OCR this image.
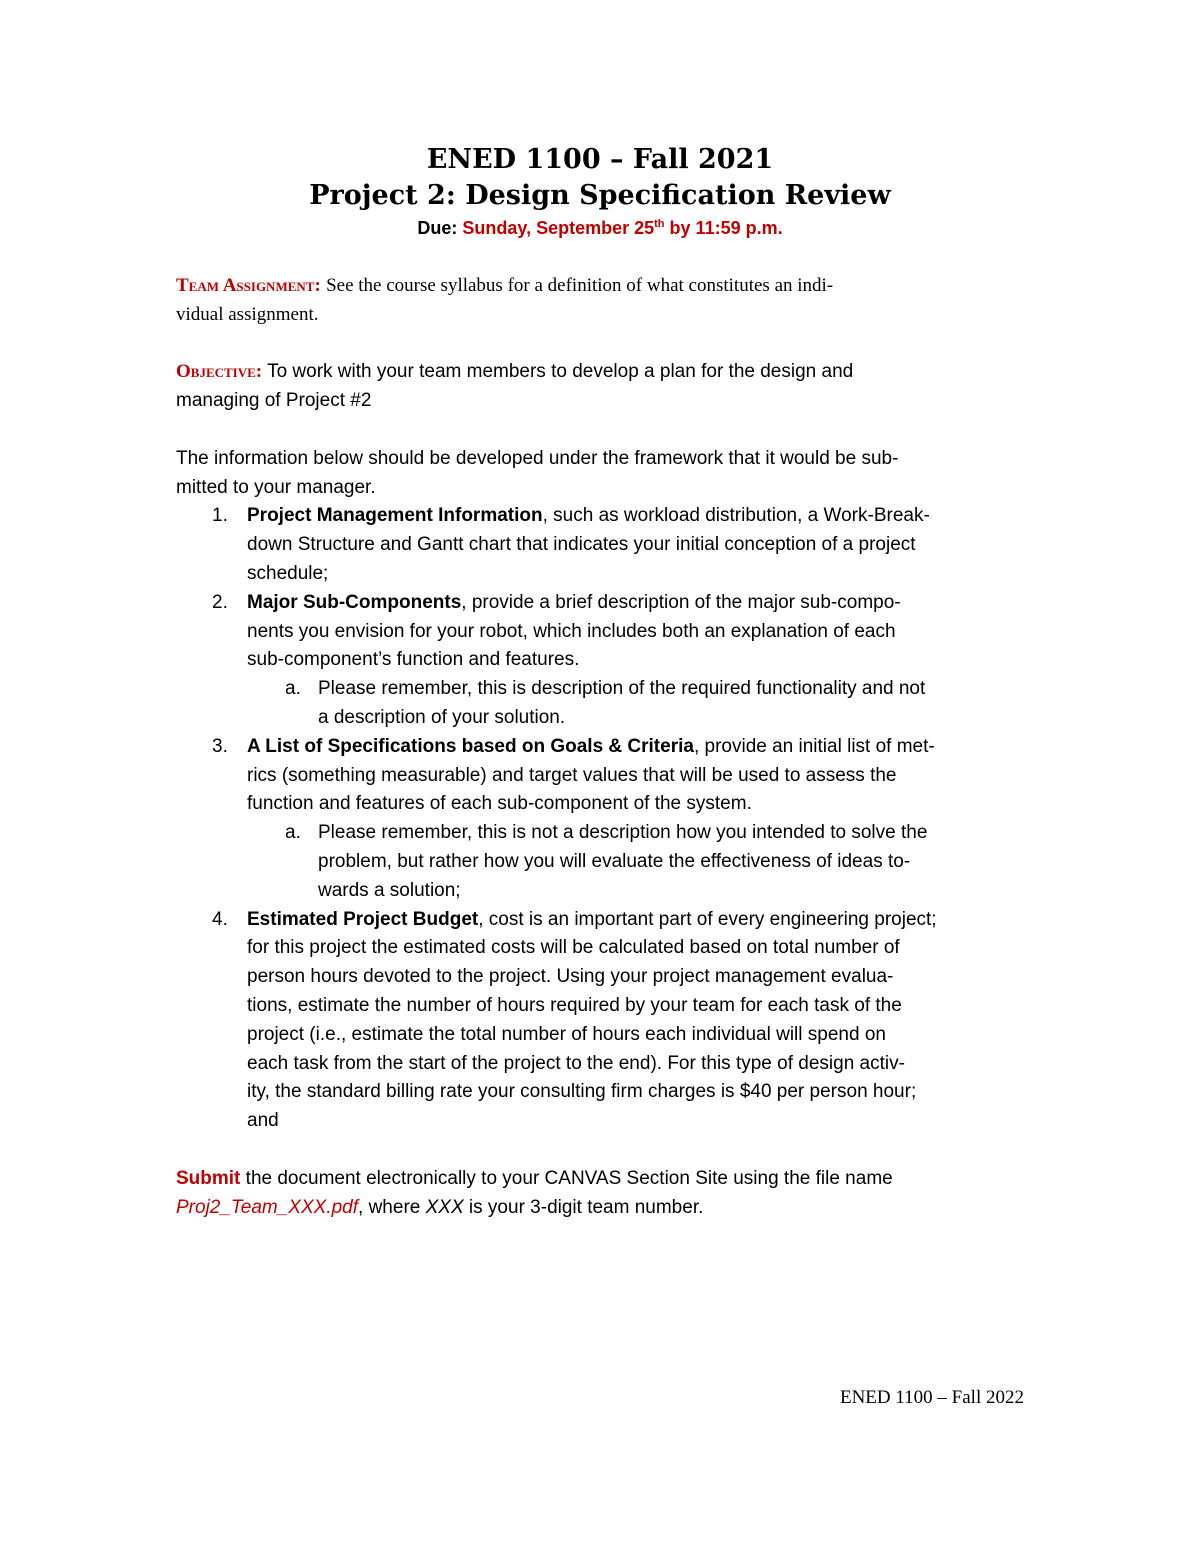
ENED 1100 – Fall 2021
Project 2: Design Specification Review
Due: Sunday, September 25th by 11:59 p.m.
Team Assignment: See the course syllabus for a definition of what constitutes an indi-
vidual assignment.
Objective: To work with your team members to develop a plan for the design and
managing of Project #2
The information below should be developed under the framework that it would be sub-
mitted to your manager.
1. Project Management Information, such as workload distribution, a Work-Break-
down Structure and Gantt chart that indicates your initial conception of a project
schedule;
2. Major Sub-Components, provide a brief description of the major sub-compo-
nents you envision for your robot, which includes both an explanation of each
sub-component’s function and features.
a. Please remember, this is description of the required functionality and not
a description of your solution.
3. A List of Specifications based on Goals & Criteria, provide an initial list of met-
rics (something measurable) and target values that will be used to assess the
function and features of each sub-component of the system.
a. Please remember, this is not a description how you intended to solve the
problem, but rather how you will evaluate the effectiveness of ideas to-
wards a solution;
4. Estimated Project Budget, cost is an important part of every engineering project;
for this project the estimated costs will be calculated based on total number of
person hours devoted to the project. Using your project management evalua-
tions, estimate the number of hours required by your team for each task of the
project (i.e., estimate the total number of hours each individual will spend on
each task from the start of the project to the end). For this type of design activ-
ity, the standard billing rate your consulting firm charges is $40 per person hour;
and
Submit the document electronically to your CANVAS Section Site using the file name
Proj2_Team_XXX.pdf, where XXX is your 3-digit team number.
ENED 1100 – Fall 2022
